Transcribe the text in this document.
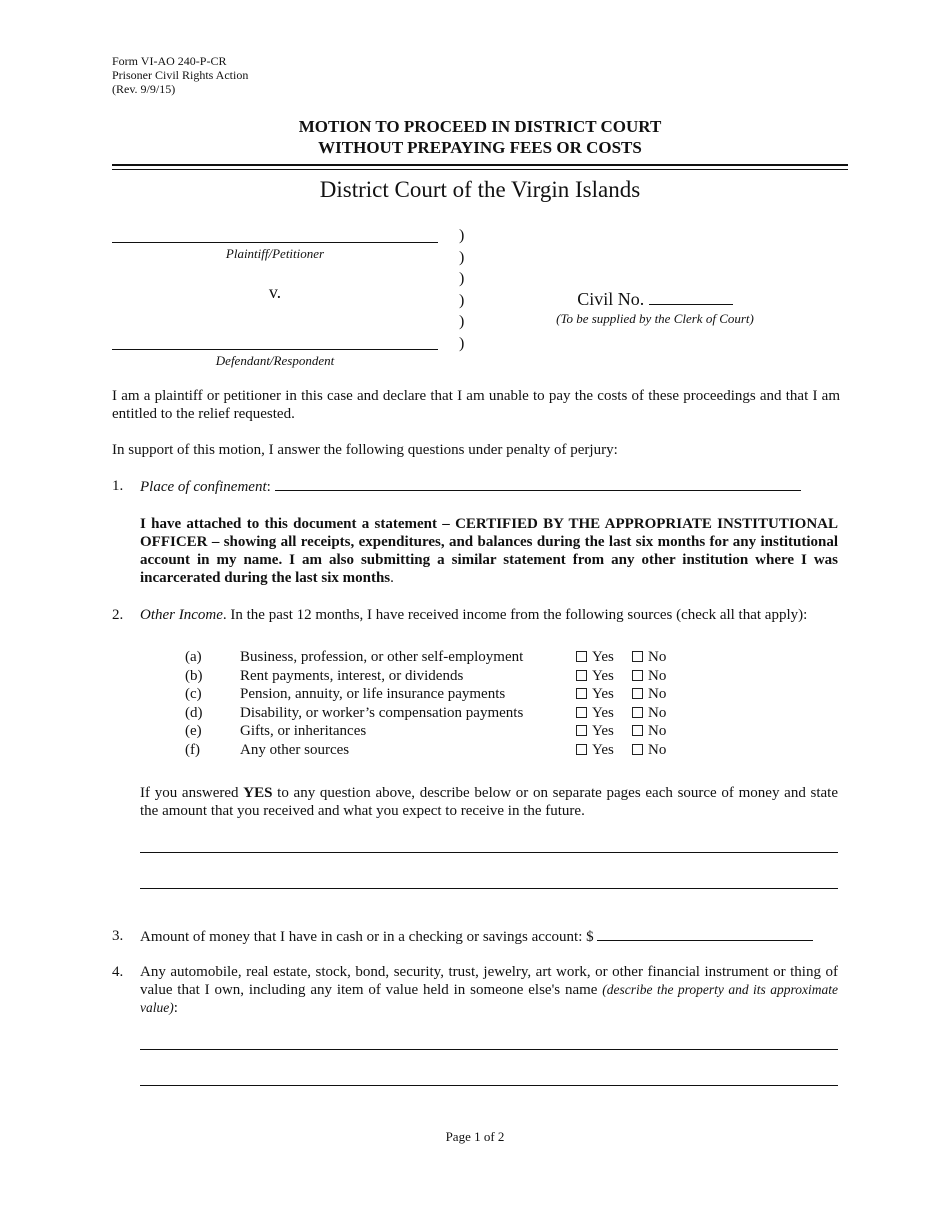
Form VI-AO 240-P-CR
Prisoner Civil Rights Action
(Rev. 9/9/15)
MOTION TO PROCEED IN DISTRICT COURT
WITHOUT PREPAYING FEES OR COSTS
District Court of the Virgin Islands
Plaintiff/Petitioner
v.
Defendant/Respondent
)
)
)
)
)
)
Civil No.
(To be supplied by the Clerk of Court)
I am a plaintiff or petitioner in this case and declare that I am unable to pay the costs of these proceedings and that I am entitled to the relief requested.
In support of this motion, I answer the following questions under penalty of perjury:
1. Place of confinement:
I have attached to this document a statement – CERTIFIED BY THE APPROPRIATE INSTITUTIONAL OFFICER – showing all receipts, expenditures, and balances during the last six months for any institutional account in my name. I am also submitting a similar statement from any other institution where I was incarcerated during the last six months.
2. Other Income. In the past 12 months, I have received income from the following sources (check all that apply):
(a)	Business, profession, or other self-employment	Yes	No
(b)	Rent payments, interest, or dividends	Yes	No
(c)	Pension, annuity, or life insurance payments	Yes	No
(d)	Disability, or worker’s compensation payments	Yes	No
(e)	Gifts, or inheritances	Yes	No
(f)	Any other sources	Yes	No
If you answered YES to any question above, describe below or on separate pages each source of money and state the amount that you received and what you expect to receive in the future.
3. Amount of money that I have in cash or in a checking or savings account: $
4. Any automobile, real estate, stock, bond, security, trust, jewelry, art work, or other financial instrument or thing of value that I own, including any item of value held in someone else's name (describe the property and its approximate value):
Page 1 of 2
